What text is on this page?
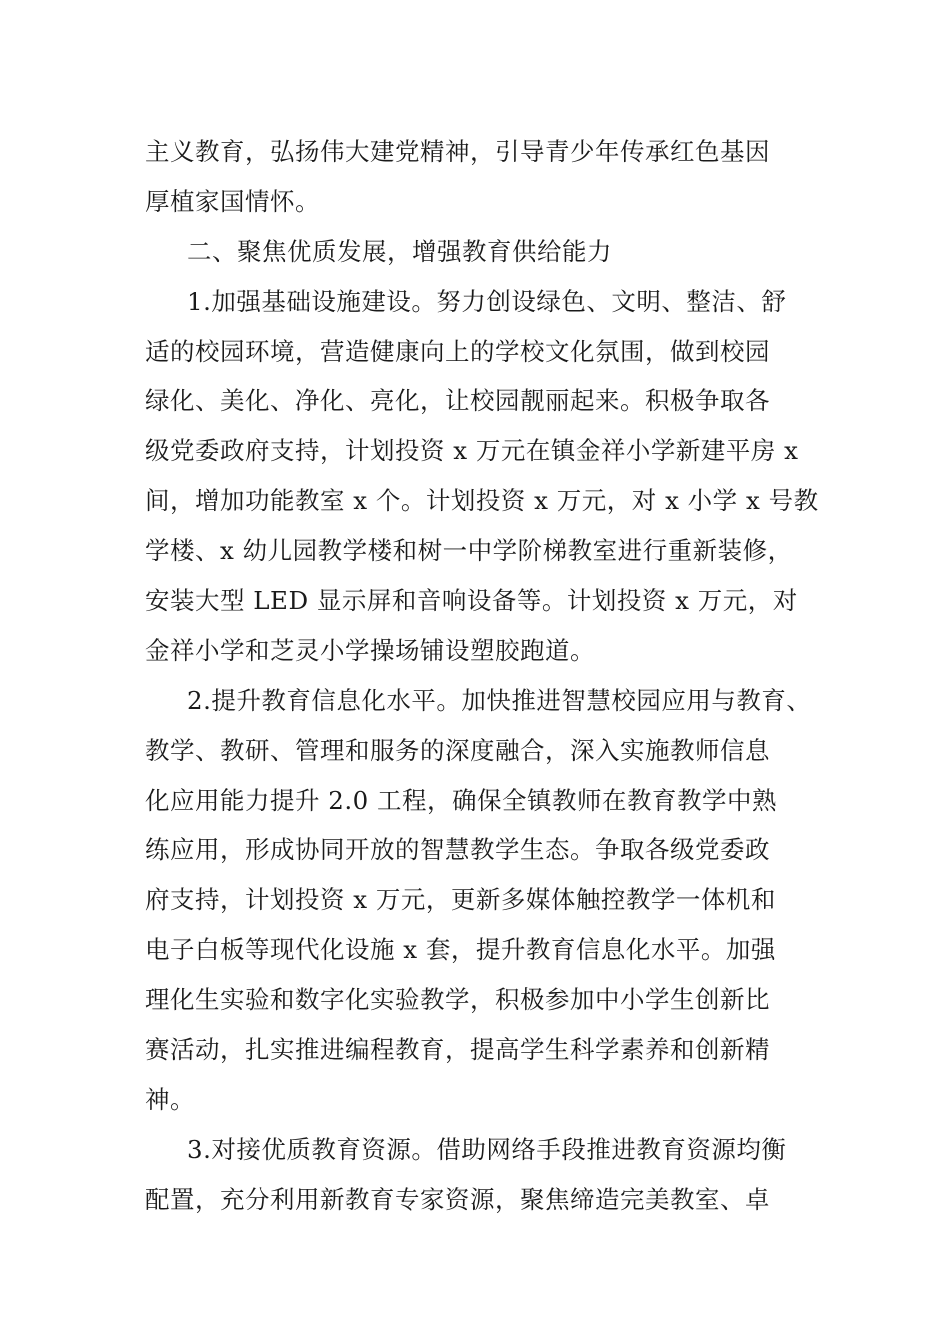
主义教育，弘扬伟大建党精神，引导青少年传承红色基因
厚植家国情怀。
二、聚焦优质发展，增强教育供给能力
1.加强基础设施建设。努力创设绿色、文明、整洁、舒
适的校园环境，营造健康向上的学校文化氛围，做到校园
绿化、美化、净化、亮化，让校园靓丽起来。积极争取各
级党委政府支持，计划投资 x 万元在镇金祥小学新建平房 x
间，增加功能教室 x 个。计划投资 x 万元，对 x 小学 x 号教
学楼、x 幼儿园教学楼和树一中学阶梯教室进行重新装修，
安装大型 LED 显示屏和音响设备等。计划投资 x 万元，对
金祥小学和芝灵小学操场铺设塑胶跑道。
2.提升教育信息化水平。加快推进智慧校园应用与教育、
教学、教研、管理和服务的深度融合，深入实施教师信息
化应用能力提升 2.0 工程，确保全镇教师在教育教学中熟
练应用，形成协同开放的智慧教学生态。争取各级党委政
府支持，计划投资 x 万元，更新多媒体触控教学一体机和
电子白板等现代化设施 x 套，提升教育信息化水平。加强
理化生实验和数字化实验教学，积极参加中小学生创新比
赛活动，扎实推进编程教育，提高学生科学素养和创新精
神。
3.对接优质教育资源。借助网络手段推进教育资源均衡
配置，充分利用新教育专家资源，聚焦缔造完美教室、卓
